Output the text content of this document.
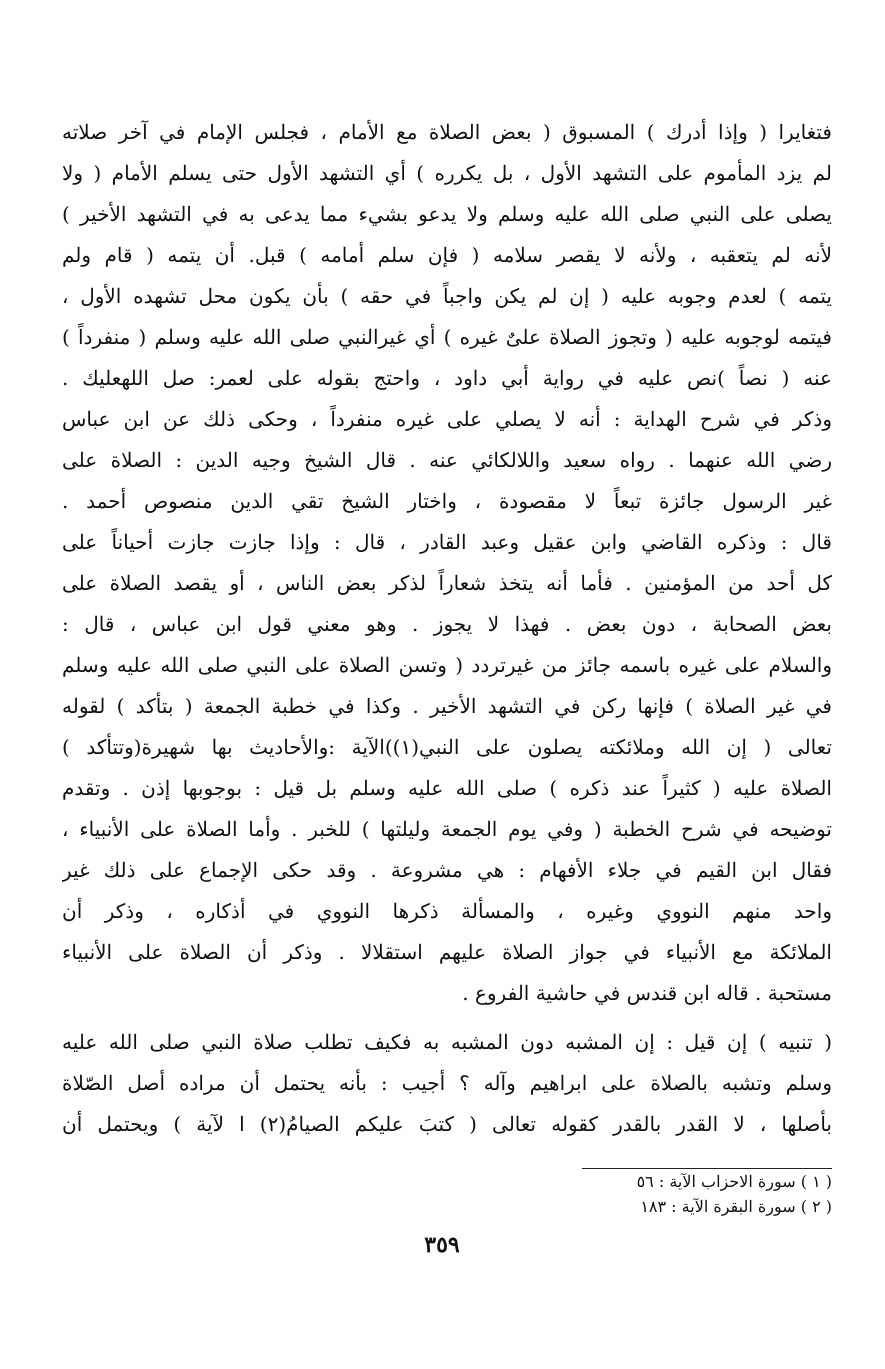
فتغايرا ( وإذا أدرك ) المسبوق ( بعض الصلاة مع الأمام ، فجلس الإمام في آخر صلاته
لم يزد المأموم على التشهد الأول ، بل يكرره ) أي التشهد الأول حتى يسلم الأمام ( ولا
يصلى على النبي صلى الله عليه وسلم ولا يدعو بشيء مما يدعى به في التشهد الأخير )
لأنه لم يتعقبه ، ولأنه لا يقصر سلامه ( فإن سلم أمامه ) قبل. أن يتمه ( قام ولم
يتمه ) لعدم وجوبه عليه ( إن لم يكن واجباً في حقه ) بأن يكون محل تشهده الأول ،
فيتمه لوجوبه عليه ( وتجوز الصلاة علىٌ غيره ) أي غيرالنبي صلى الله عليه وسلم ( منفرداً )
عنه ( نصاً )نص عليه في رواية أبي داود ، واحتج بقوله على لعمر: صل اللهعليك .
وذكر في شرح الهداية : أنه لا يصلي على غيره منفرداً ، وحكى ذلك عن ابن عباس
رضي الله عنهما . رواه سعيد واللالكائي عنه . قال الشيخ وجيه الدين : الصلاة على
غير الرسول جائزة تبعاً لا مقصودة ، واختار الشيخ تقي الدين منصوص أحمد .
قال : وذكره القاضي وابن عقيل وعبد القادر ، قال : وإذا جازت جازت أحياناً على
كل أحد من المؤمنين . فأما أنه يتخذ شعاراً لذكر بعض الناس ، أو يقصد الصلاة على
بعض الصحابة ، دون بعض . فهذا لا يجوز . وهو معني قول ابن عباس ، قال :
والسلام على غيره باسمه جائز من غيرتردد ( وتسن الصلاة على النبي صلى الله عليه وسلم
في غير الصلاة ) فإنها ركن في التشهد الأخير . وكذا في خطبة الجمعة ( بتأكد ) لقوله
تعالى ( إن الله وملائكته يصلون على النبي(١))الآية :والأحاديث بها شهيرة(وتتأكد )
الصلاة عليه ( كثيراً عند ذكره ) صلى الله عليه وسلم بل قيل : بوجوبها إذن . وتقدم
توضيحه في شرح الخطبة ( وفي يوم الجمعة وليلتها ) للخبر . وأما الصلاة على الأنبياء ،
فقال ابن القيم في جلاء الأفهام : هي مشروعة . وقد حكى الإجماع على ذلك غير
واحد منهم النووي وغيره ، والمسألة ذكرها النووي في أذكاره ، وذكر أن
الملائكة مع الأنبياء في جواز الصلاة عليهم استقلالا . وذكر أن الصلاة على الأنبياء
مستحبة . قاله ابن قندس في حاشية الفروع .
( تنبيه ) إن قيل : إن المشبه دون المشبه به فكيف تطلب صلاة النبي صلى الله عليه
وسلم وتشبه بالصلاة على ابراهيم وآله ؟ أجيب : بأنه يحتمل أن مراده أصل الصّلاة
بأصلها ، لا القدر بالقدر كقوله تعالى ( كتبَ عليكم الصيامُ(٢) ا لآية ) ويحتمل أن
( ١ ) سورة الاحزاب الآية : ٥٦
( ٢ ) سورة البقرة الآية : ١٨٣
٣٥٩
